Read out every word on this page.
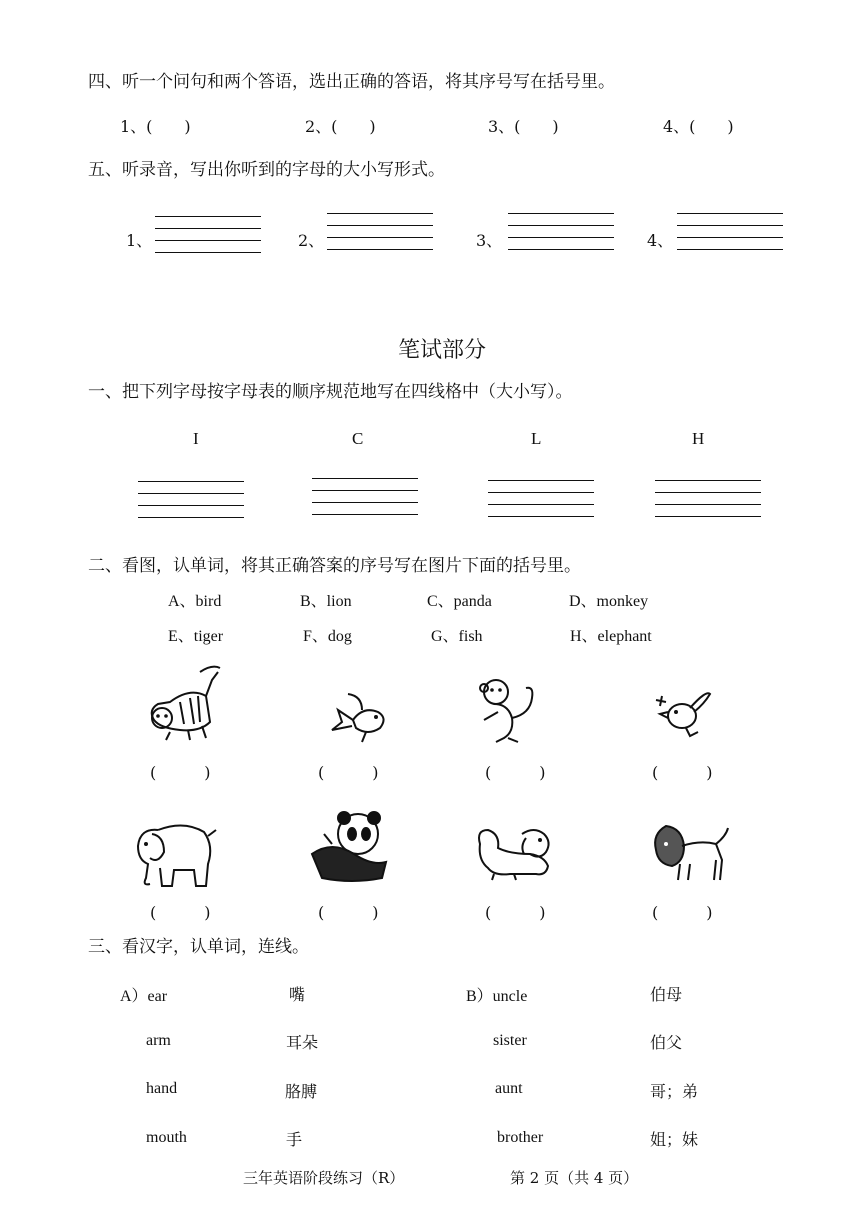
四、听一个问句和两个答语，选出正确的答语，将其序号写在括号里。
1、(　　)	2、(　　)	3、(　　)	4、(　　)
五、听录音，写出你听到的字母的大小写形式。
1、	2、	3、	4、
笔试部分
一、把下列字母按字母表的顺序规范地写在四线格中（大小写）。
I	C	L	H
二、看图，认单词，将其正确答案的序号写在图片下面的括号里。
A、bird	B、lion	C、panda	D、monkey
E、tiger	F、dog	G、fish	H、elephant
(　　　)	(　　　)	(　　　)	(　　　)
(　　　)	(　　　)	(　　　)	(　　　)
三、看汉字，认单词，连线。
A）ear
arm
hand
mouth
嘴
耳朵
胳膊
手
B）uncle
sister
aunt
brother
伯母
伯父
哥；弟
姐；妹
三年英语阶段练习（R）	第 2 页（共 4 页）
